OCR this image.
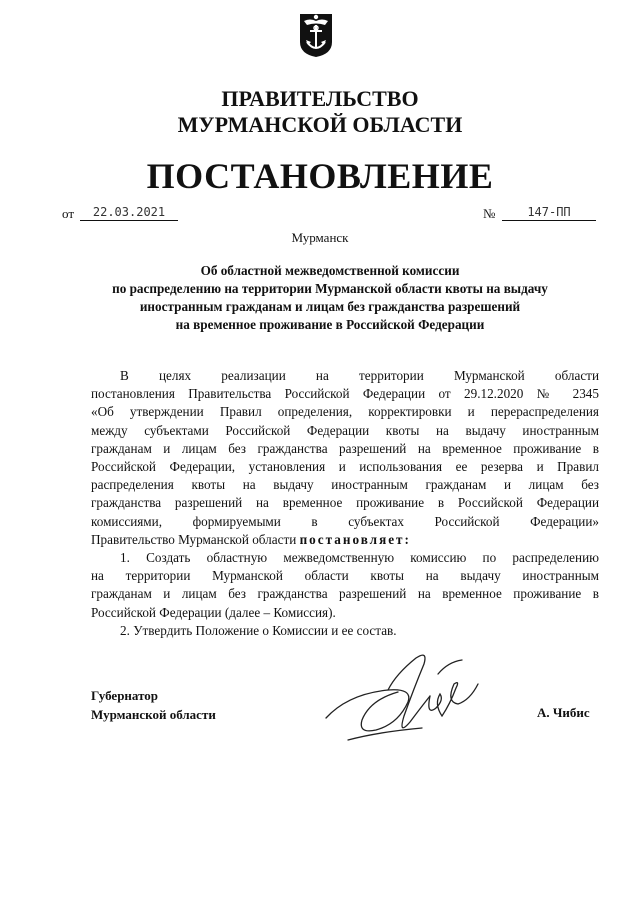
ПРАВИТЕЛЬСТВО
МУРМАНСКОЙ ОБЛАСТИ
ПОСТАНОВЛЕНИЕ
от	22.03.2021	№	147-ПП
Мурманск
Об областной межведомственной комиссии
по распределению на территории Мурманской области квоты на выдачу
иностранным гражданам и лицам без гражданства разрешений
на временное проживание в Российской Федерации

В целях реализации на территории Мурманской области

постановления Правительства Российской Федерации от 29.12.2020 № 2345

«Об утверждении Правил определения, корректировки и перераспределения

между субъектами Российской Федерации квоты на выдачу иностранным

гражданам и лицам без гражданства разрешений на временное проживание в

Российской Федерации, установления и использования ее резерва и Правил

распределения квоты на выдачу иностранным гражданам и лицам без

гражданства разрешений на временное проживание в Российской Федерации

комиссиями, формируемыми в субъектах Российской Федерации»

Правительство Мурманской области постановляет:

1. Создать областную межведомственную комиссию по распределению

на территории Мурманской области квоты на выдачу иностранным

гражданам и лицам без гражданства разрешений на временное проживание в

Российской Федерации (далее – Комиссия).

2. Утвердить Положение о Комиссии и ее состав.

Губернатор
Мурманской области	А. Чибис
